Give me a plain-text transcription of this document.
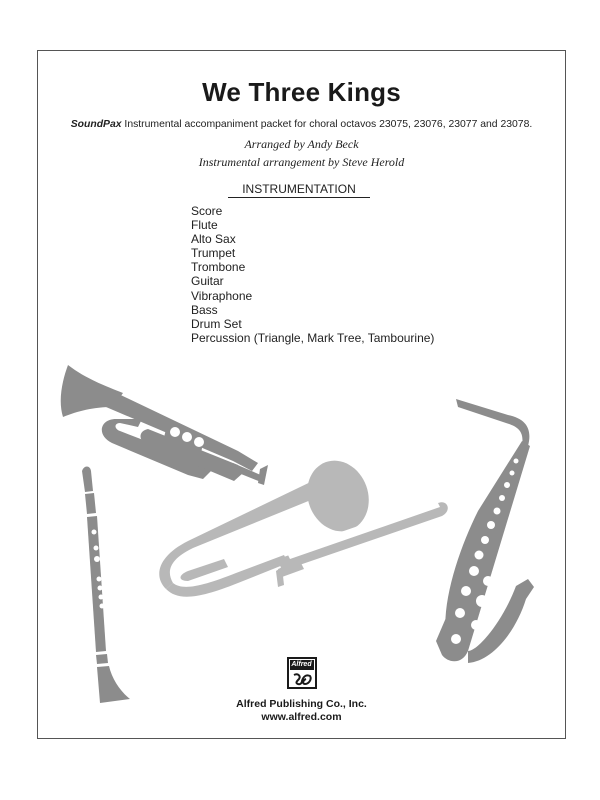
We Three Kings
SoundPax Instrumental accompaniment packet for choral octavos 23075, 23076, 23077 and 23078.
Arranged by Andy Beck
Instrumental arrangement by Steve Herold
INSTRUMENTATION
Score
Flute
Alto Sax
Trumpet
Trombone
Guitar
Vibraphone
Bass
Drum Set
Percussion (Triangle, Mark Tree, Tambourine)
Alfred
Alfred Publishing Co., Inc.
www.alfred.com
